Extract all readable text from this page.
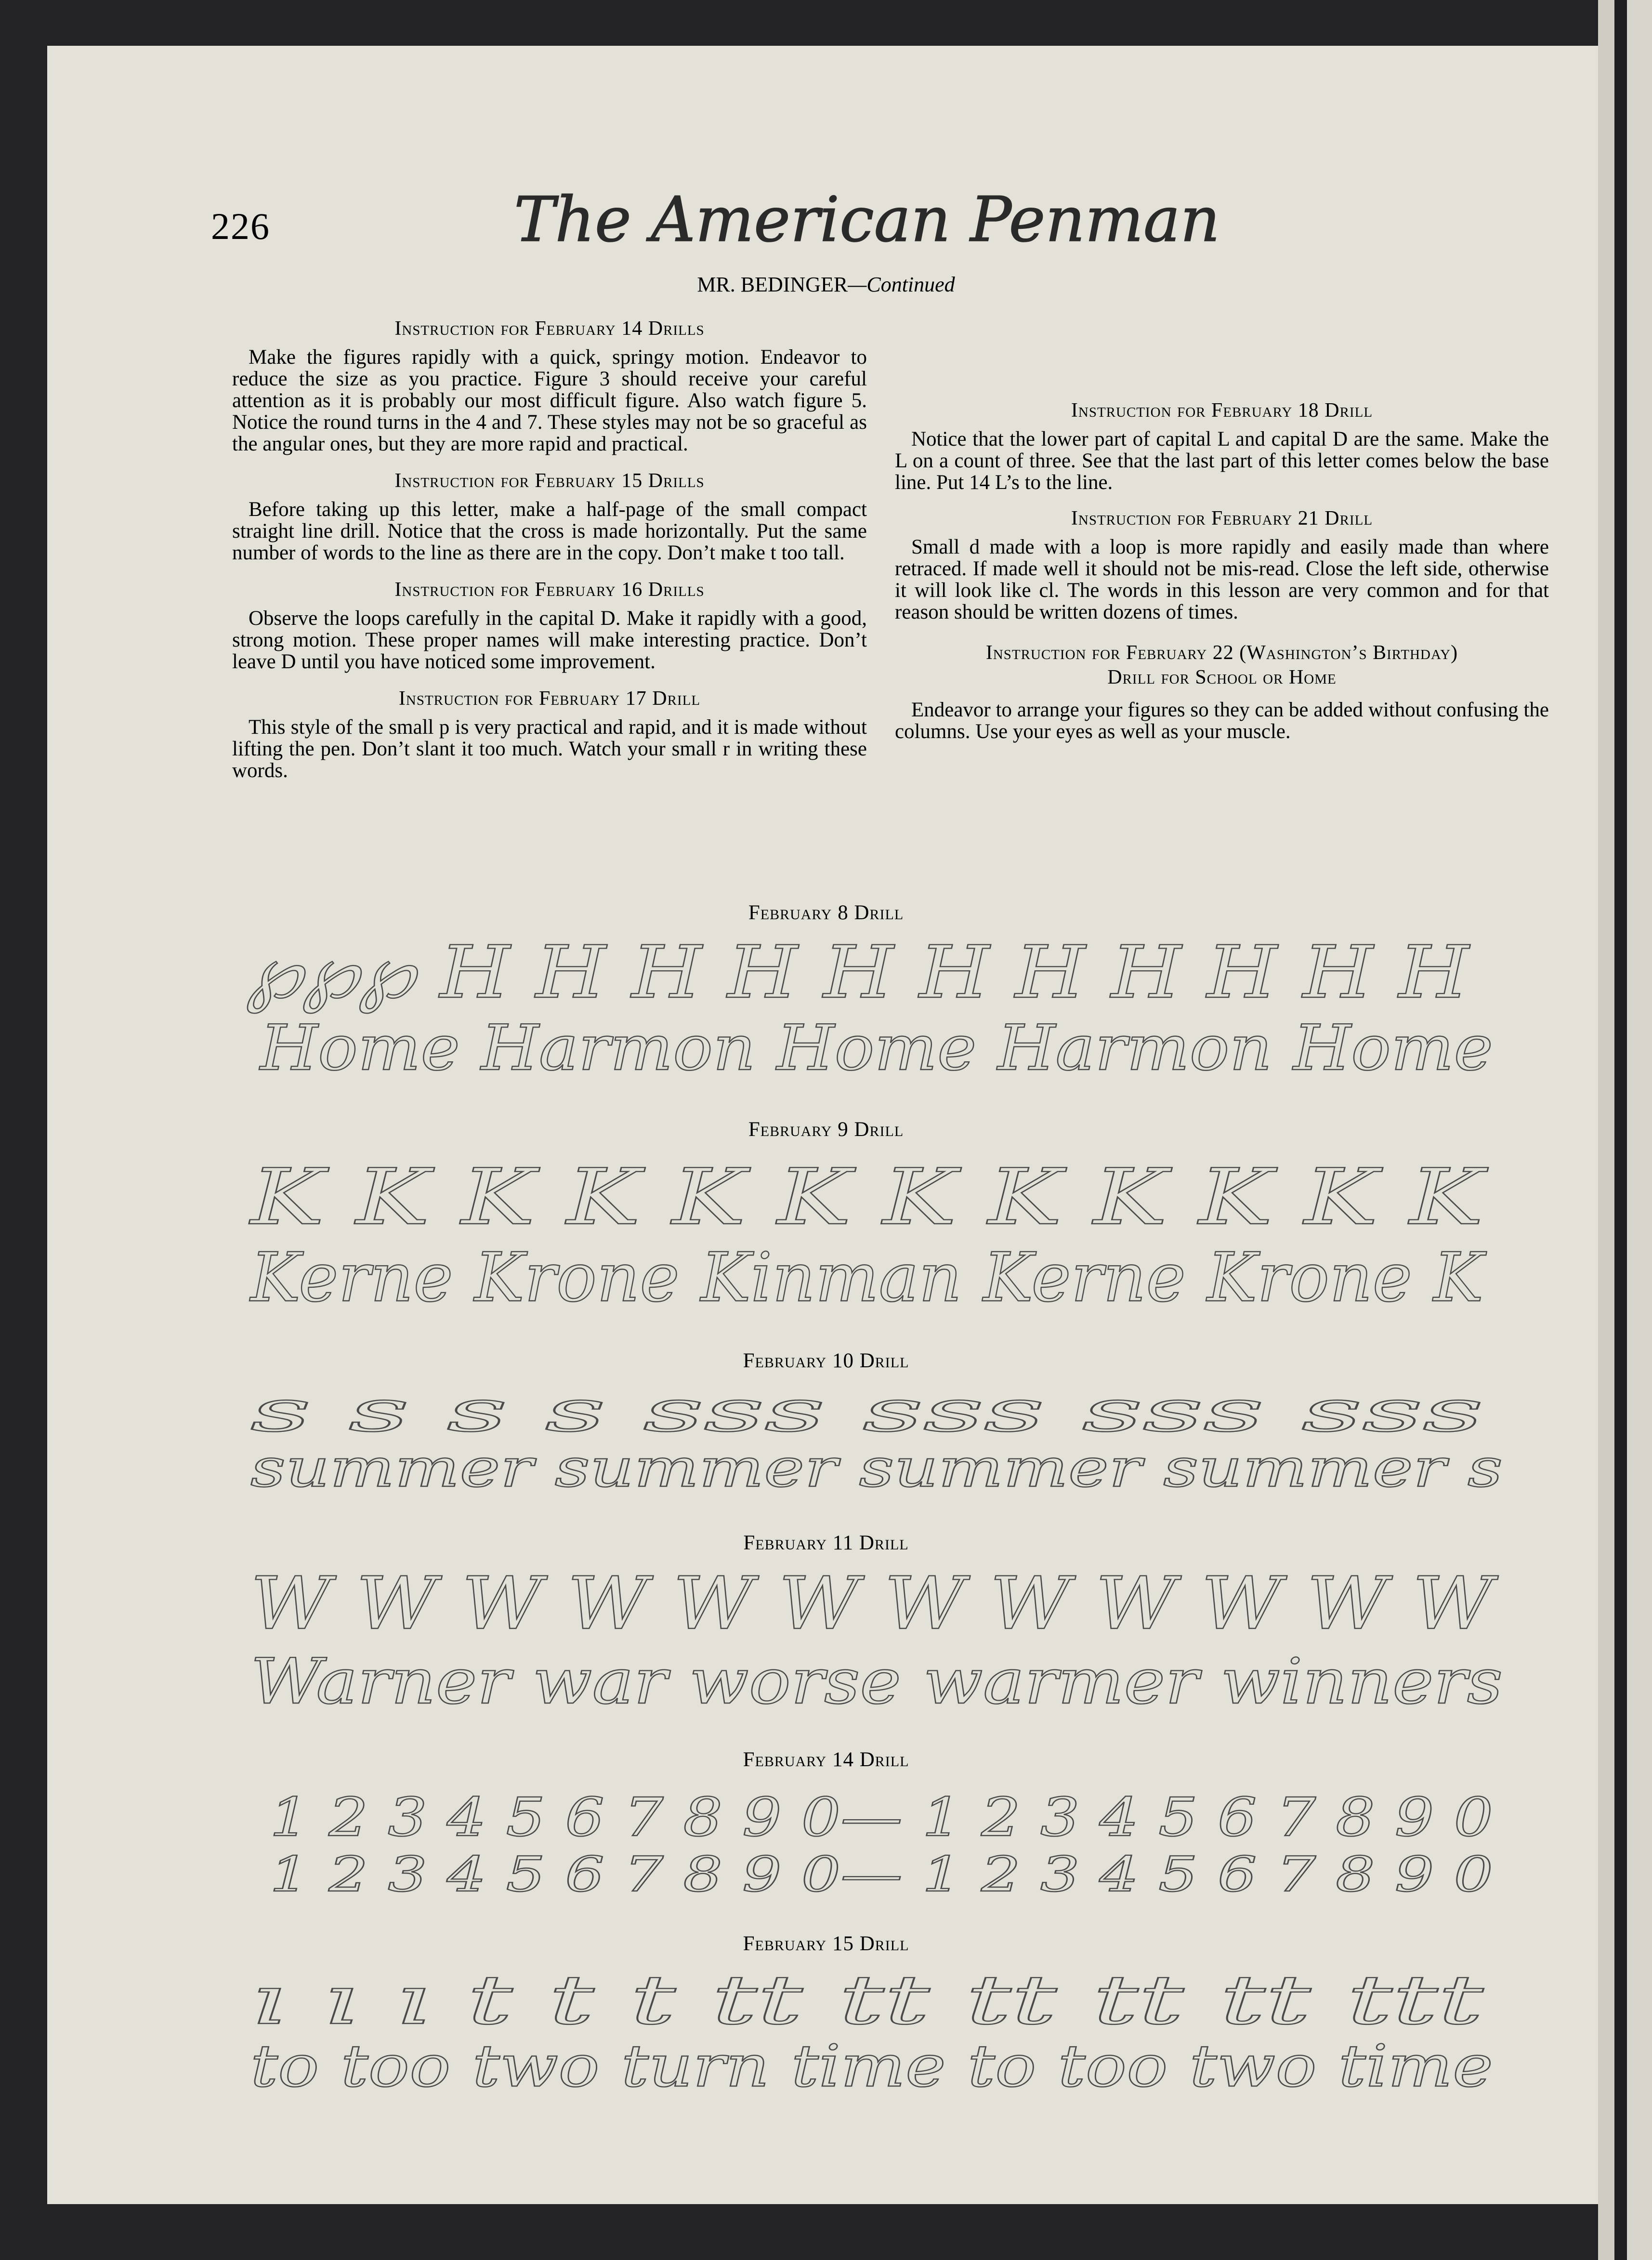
226	The American Penman
MR. BEDINGER—Continued

Instruction for February 14 Drills

Make the figures rapidly with a quick, springy motion. Endeavor to reduce the size as you practice. Figure 3 should receive your careful attention as it is probably our most difficult figure. Also watch figure 5. Notice the round turns in the 4 and 7. These styles may not be so graceful as the angular ones, but they are more rapid and practical.

Instruction for February 15 Drills

Before taking up this letter, make a half-page of the small compact straight line drill. Notice that the cross is made horizontally. Put the same number of words to the line as there are in the copy. Don’t make t too tall.

Instruction for February 16 Drills

Observe the loops carefully in the capital D. Make it rapidly with a good, strong motion. These proper names will make interesting practice. Don’t leave D until you have noticed some improvement.

Instruction for February 17 Drill

This style of the small p is very practical and rapid, and it is made without lifting the pen. Don’t slant it too much. Watch your small r in writing these words.

Instruction for February 18 Drill

Notice that the lower part of capital L and capital D are the same. Make the L on a count of three. See that the last part of this letter comes below the base line. Put 14 L’s to the line.

Instruction for February 21 Drill

Small d made with a loop is more rapidly and easily made than where retraced. If made well it should not be mis-read. Close the left side, otherwise it will look like cl. The words in this lesson are very common and for that reason should be written dozens of times.

Instruction for February 22 (Washington’s Birthday)

Drill for School or Home

Endeavor to arrange your figures so they can be added without confusing the columns. Use your eyes as well as your muscle.

February 8 Drill
℘℘℘ H H H H H H H H H H H
Home Harmon Home Harmon Home
February 9 Drill
K K K K K K K K K K K K
Kerne Krone Kinman Kerne Krone K
February 10 Drill
s s s s sss sss sss sss
summer summer summer summer s
February 11 Drill
W W W W W W W W W W W W
Warner war worse warmer winners
February 14 Drill
1 2 3 4 5 6 7 8 9 0— 1 2 3 4 5 6 7 8 9 0
1 2 3 4 5 6 7 8 9 0— 1 2 3 4 5 6 7 8 9 0
February 15 Drill
ı ı ı t t t tt tt tt tt tt ttt
to too two turn time to too two time
